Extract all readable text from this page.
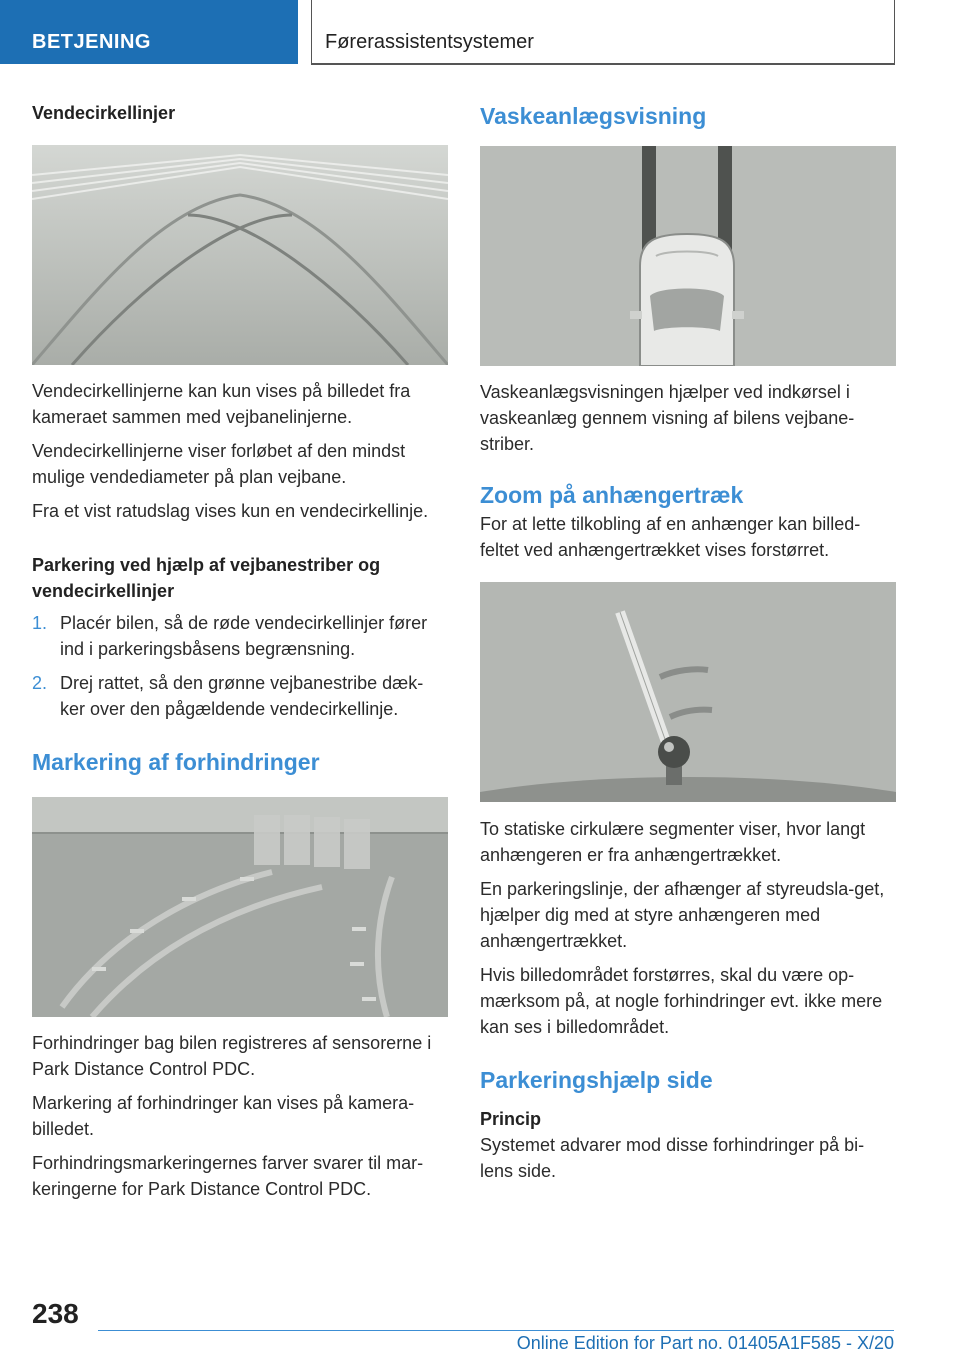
BETJENING	Førerassistentsystemer
Vendecirkellinjer

Vendecirkellinjerne kan kun vises på billedet fra kameraet sammen med vejbanelinjerne.

Vendecirkellinjerne viser forløbet af den mindst mulige vendediameter på plan vejbane.

Fra et vist ratudslag vises kun en vendecirkellinje.

Parkering ved hjælp af vejbanestriber og vendecirkellinjer
1. Placér bilen, så de røde vendecirkellinjer fører ind i parkeringsbåsens begrænsning.
2. Drej rattet, så den grønne vejbanestribe dæk-ker over den pågældende vendecirkellinje.
Markering af forhindringer

Forhindringer bag bilen registreres af sensorerne i Park Distance Control PDC.

Markering af forhindringer kan vises på kamera-billedet.

Forhindringsmarkeringernes farver svarer til mar-keringerne for Park Distance Control PDC.

Vaskeanlægsvisning

Vaskeanlægsvisningen hjælper ved indkørsel i vaskeanlæg gennem visning af bilens vejbane-striber.

Zoom på anhængertræk

For at lette tilkobling af en anhænger kan billed-feltet ved anhængertrækket vises forstørret.

To statiske cirkulære segmenter viser, hvor langt anhængeren er fra anhængertrækket.

En parkeringslinje, der afhænger af styreudsla-get, hjælper dig med at styre anhængeren med anhængertrækket.

Hvis billedområdet forstørres, skal du være op-mærksom på, at nogle forhindringer evt. ikke mere kan ses i billedområdet.

Parkeringshjælp side
Princip

Systemet advarer mod disse forhindringer på bi-lens side.

238
Online Edition for Part no. 01405A1F585 - X/20
